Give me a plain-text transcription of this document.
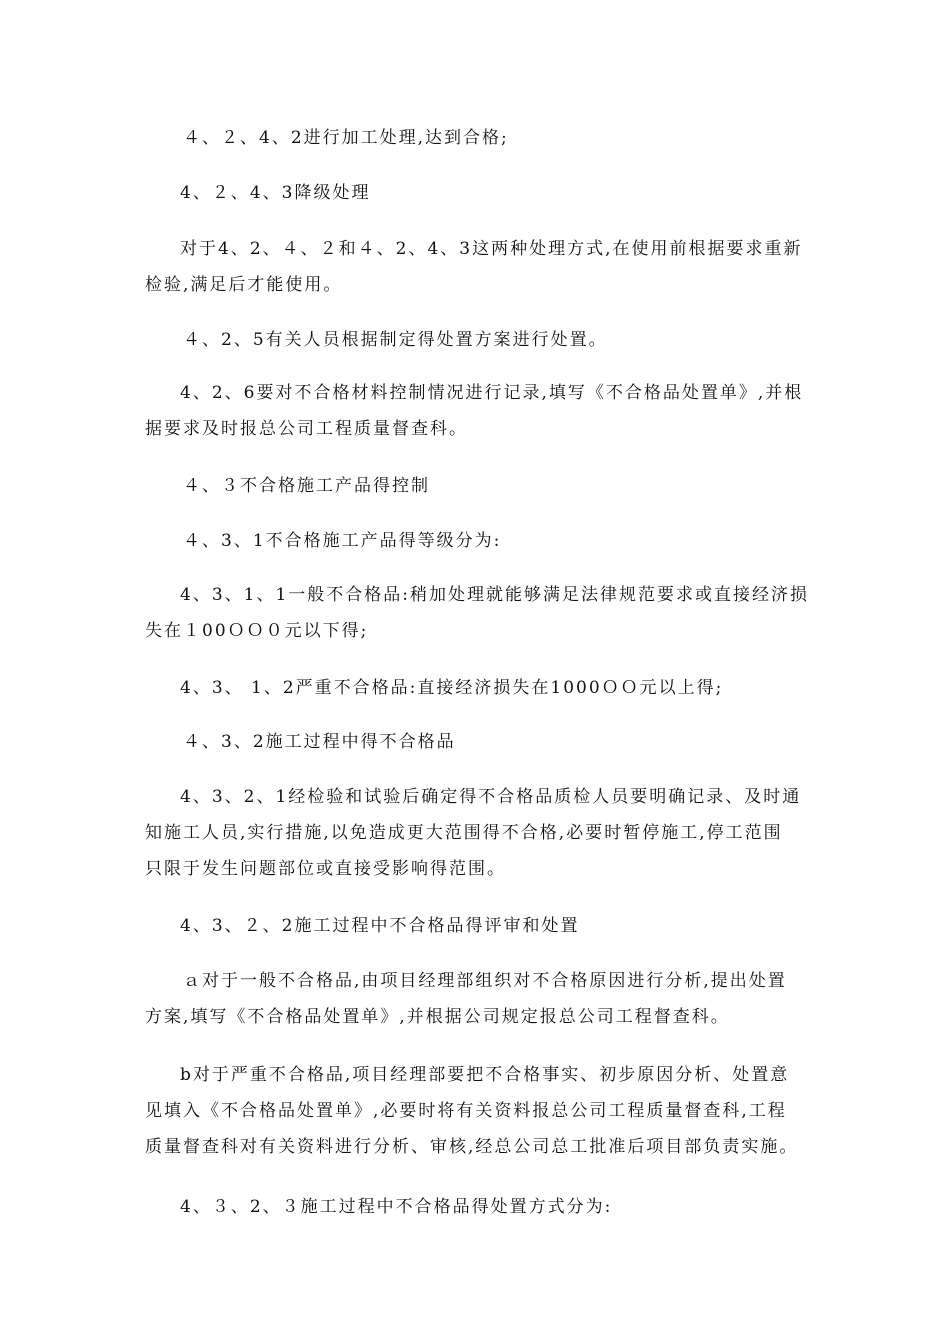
４、２、4、2进行加工处理,达到合格;

4、２、4、3降级处理

对于4、2、４、２和４、2、4、3这两种处理方式,在使用前根据要求重新
检验,满足后才能使用。

４、2、5有关人员根据制定得处置方案进行处置。

4、2、6要对不合格材料控制情况进行记录,填写《不合格品处置单》,并根
据要求及时报总公司工程质量督查科。

４、３不合格施工产品得控制

４、3、1不合格施工产品得等级分为:

4、3、1、1一般不合格品:稍加处理就能够满足法律规范要求或直接经济损
失在１00ＯＯ０元以下得;

4、3、 1、2严重不合格品:直接经济损失在1000ＯＯ元以上得;

４、3、2施工过程中得不合格品

4、3、2、1经检验和试验后确定得不合格品质检人员要明确记录、及时通
知施工人员,实行措施,以免造成更大范围得不合格,必要时暂停施工,停工范围
只限于发生问题部位或直接受影响得范围。

4、3、２、2施工过程中不合格品得评审和处置

ａ对于一般不合格品,由项目经理部组织对不合格原因进行分析,提出处置
方案,填写《不合格品处置单》,并根据公司规定报总公司工程督查科。

b对于严重不合格品,项目经理部要把不合格事实、初步原因分析、处置意
见填入《不合格品处置单》,必要时将有关资料报总公司工程质量督查科,工程
质量督查科对有关资料进行分析、审核,经总公司总工批准后项目部负责实施。

4、３、2、３施工过程中不合格品得处置方式分为:
